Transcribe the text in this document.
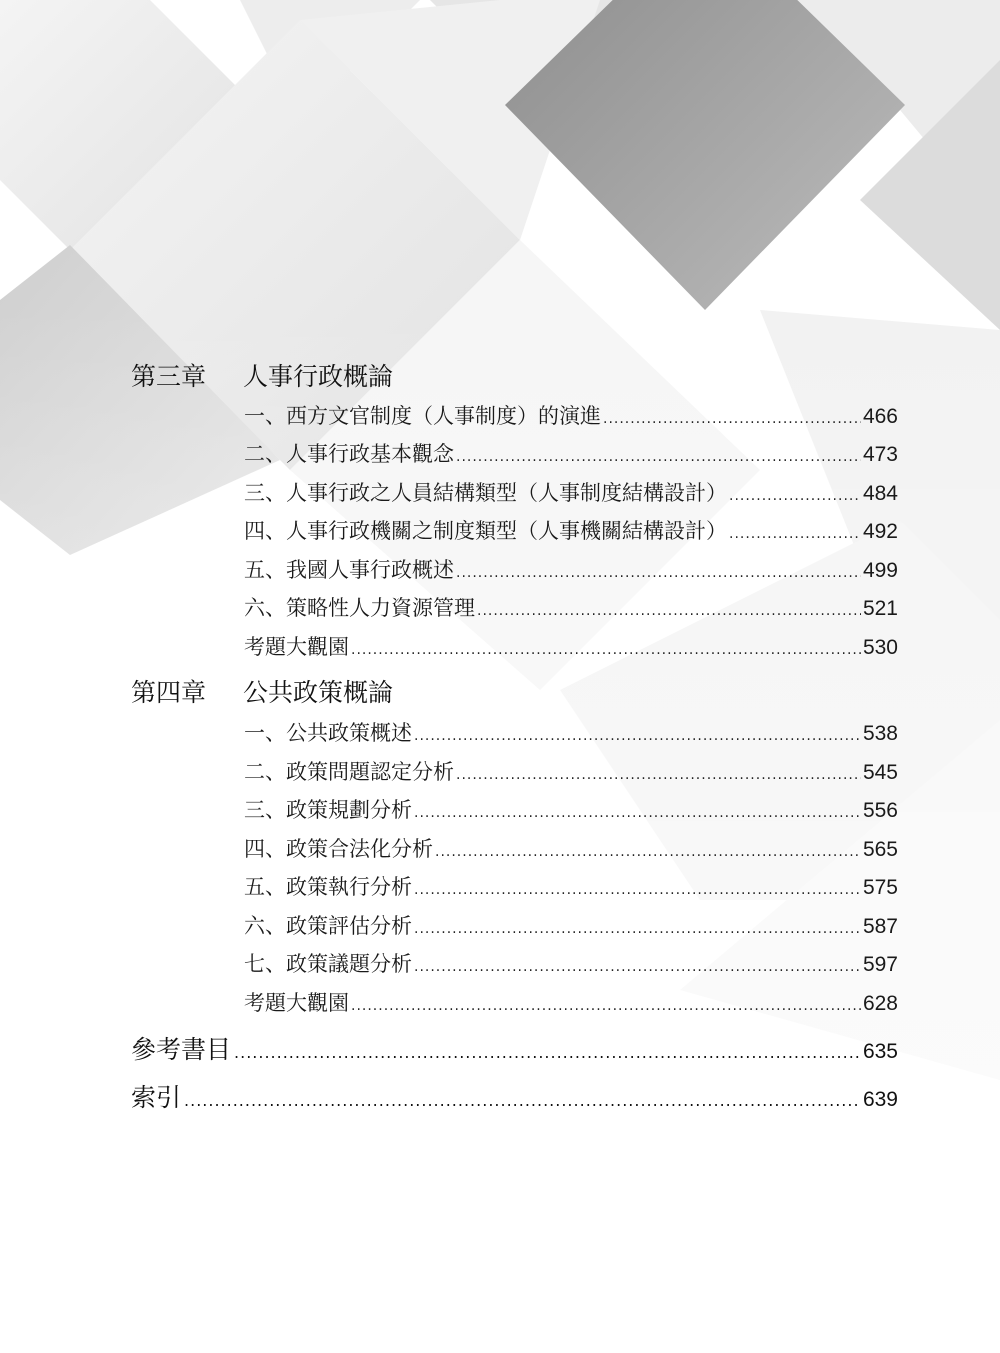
第三章 人事行政概論
一、西方文官制度（人事制度）的演進 .....	466
二、人事行政基本觀念 .....	473
三、人事行政之人員結構類型（人事制度結構設計） .....	484
四、人事行政機關之制度類型（人事機關結構設計） .....	492
五、我國人事行政概述 .....	499
六、策略性人力資源管理 .....	521
考題大觀園 .....	530
第四章 公共政策概論
一、公共政策概述 .....	538
二、政策問題認定分析 .....	545
三、政策規劃分析 .....	556
四、政策合法化分析 .....	565
五、政策執行分析 .....	575
六、政策評估分析 .....	587
七、政策議題分析 .....	597
考題大觀園 .....	628
參考書目 .....	635
索引 .....	639
